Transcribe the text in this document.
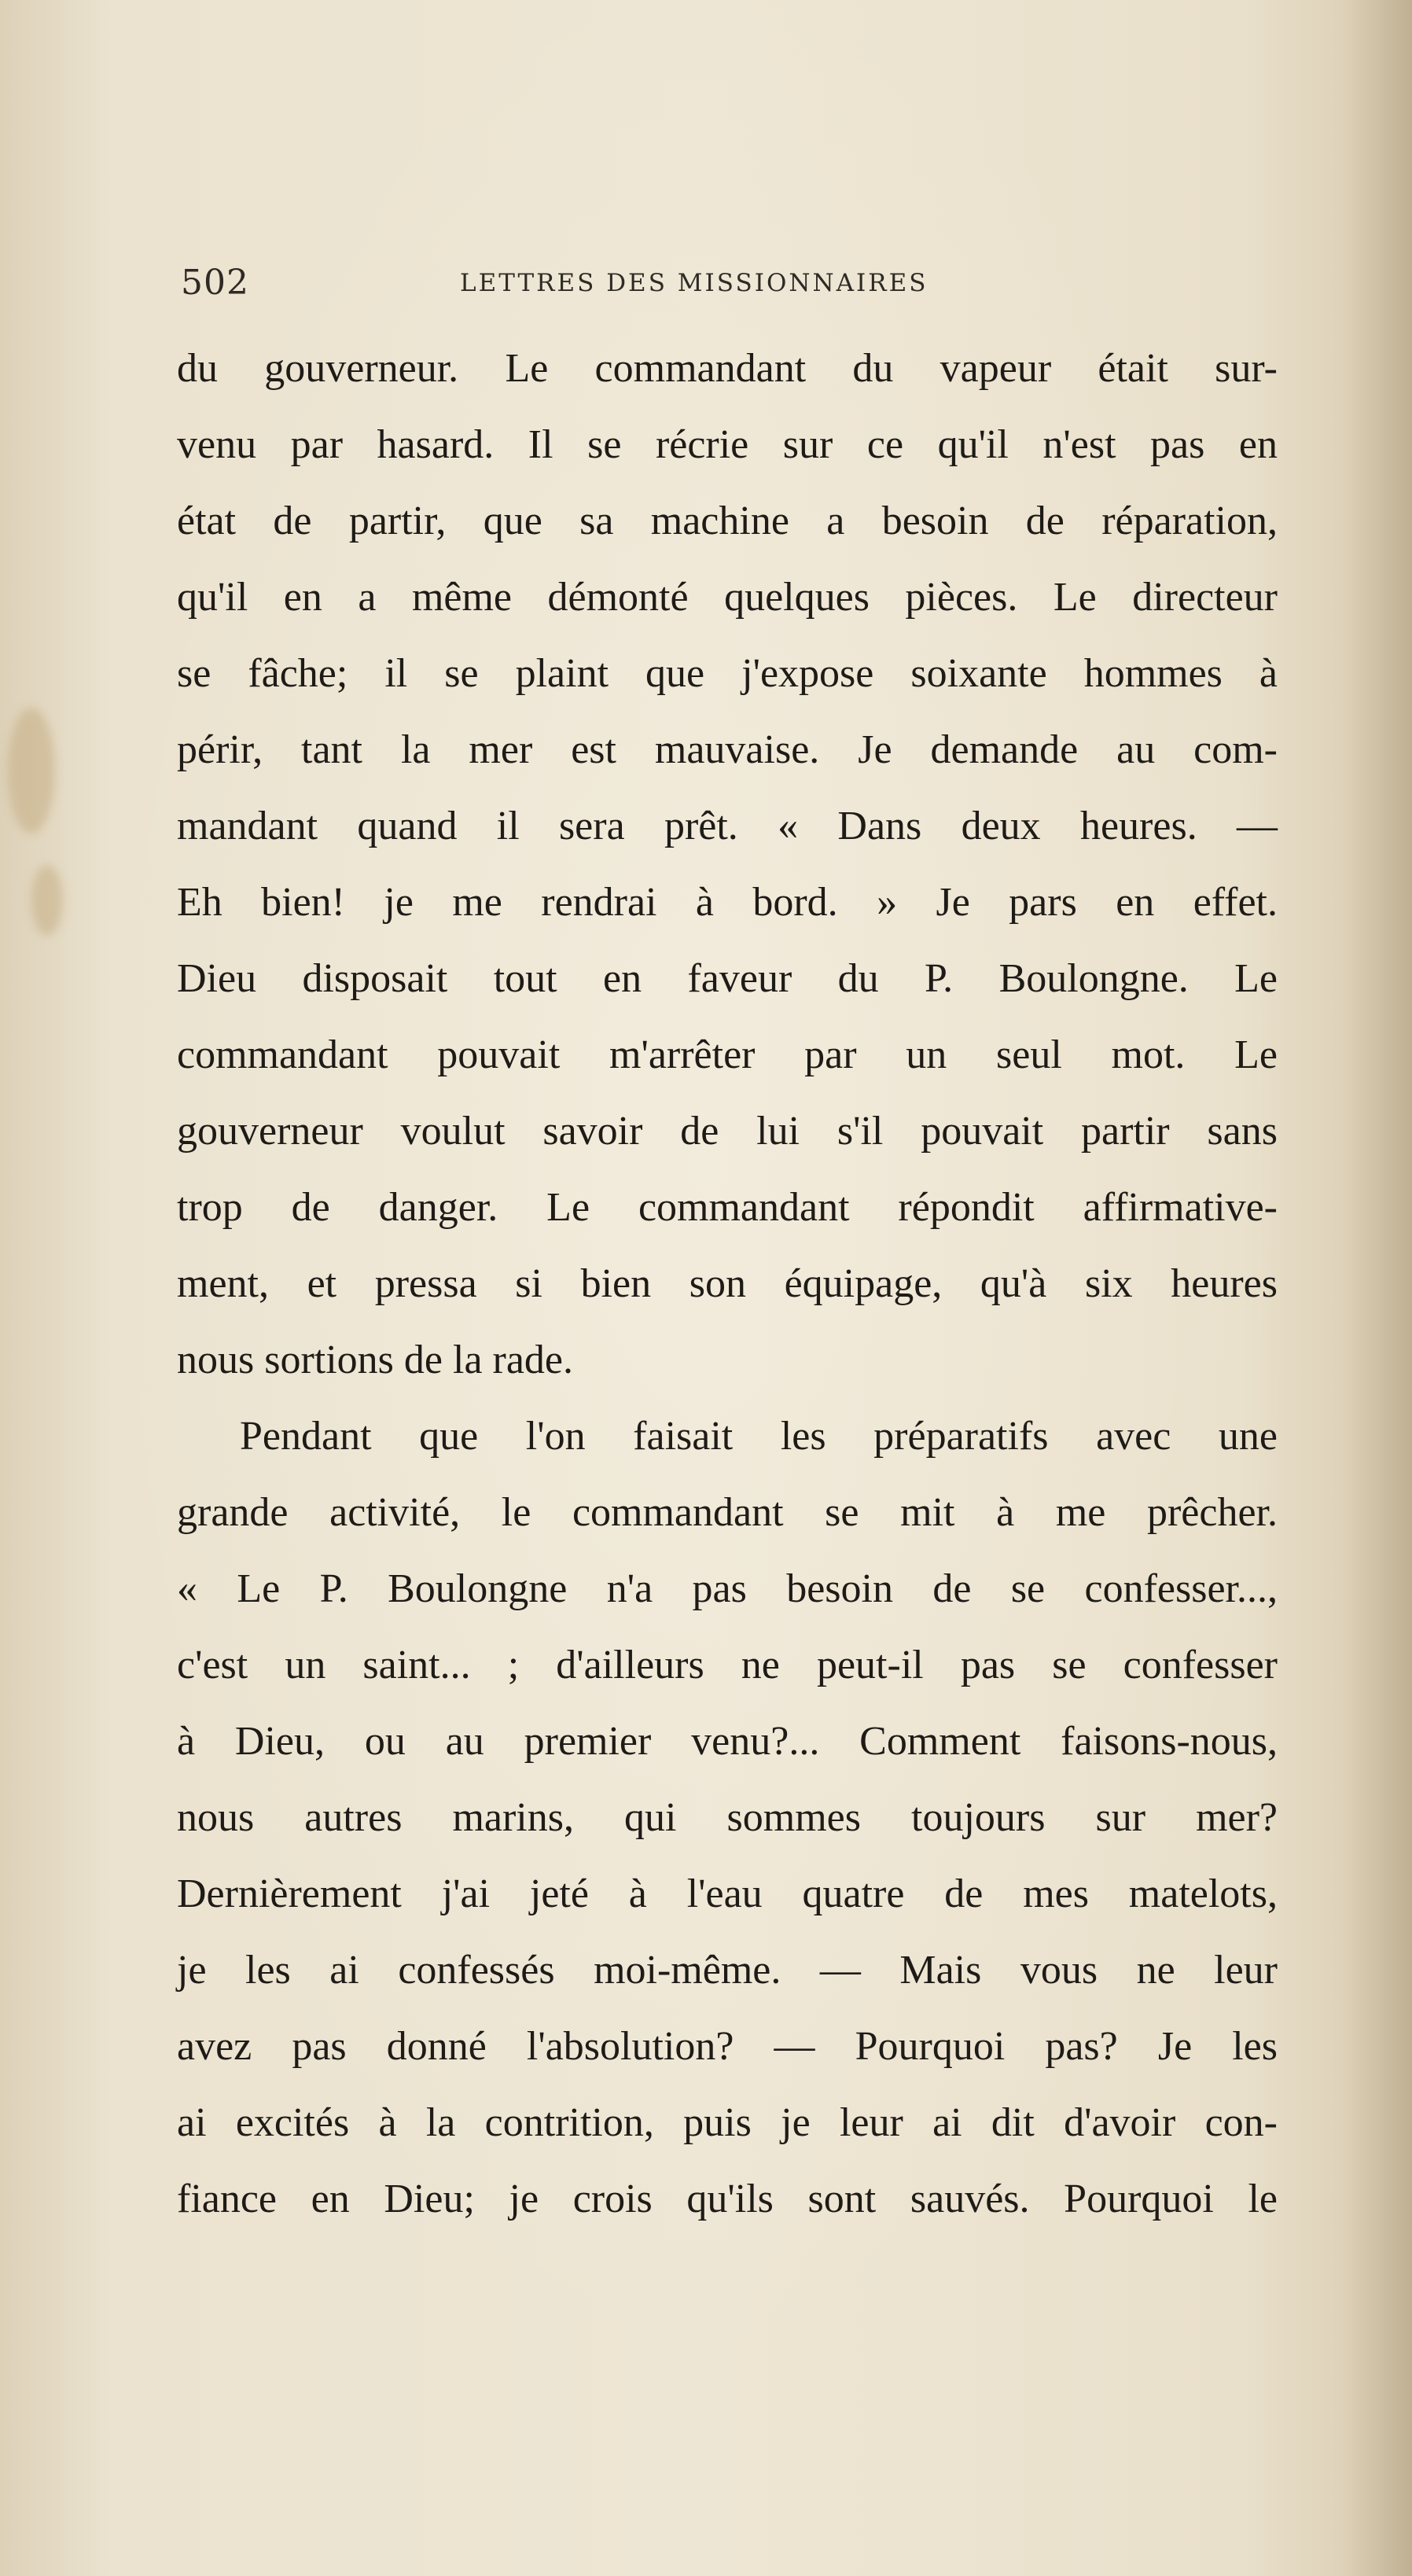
502	LETTRES DES MISSIONNAIRES
du gouverneur. Le commandant du vapeur était sur-
venu par hasard. Il se récrie sur ce qu'il n'est pas en
état de partir, que sa machine a besoin de réparation,
qu'il en a même démonté quelques pièces. Le directeur
se fâche; il se plaint que j'expose soixante hommes à
périr, tant la mer est mauvaise. Je demande au com-
mandant quand il sera prêt. « Dans deux heures. —
Eh bien! je me rendrai à bord. » Je pars en effet.
Dieu disposait tout en faveur du P. Boulongne. Le
commandant pouvait m'arrêter par un seul mot. Le
gouverneur voulut savoir de lui s'il pouvait partir sans
trop de danger. Le commandant répondit affirmative-
ment, et pressa si bien son équipage, qu'à six heures
nous sortions de la rade.
Pendant que l'on faisait les préparatifs avec une
grande activité, le commandant se mit à me prêcher.
« Le P. Boulongne n'a pas besoin de se confesser...,
c'est un saint... ; d'ailleurs ne peut-il pas se confesser
à Dieu, ou au premier venu?... Comment faisons-nous,
nous autres marins, qui sommes toujours sur mer?
Dernièrement j'ai jeté à l'eau quatre de mes matelots,
je les ai confessés moi-même. — Mais vous ne leur
avez pas donné l'absolution? — Pourquoi pas? Je les
ai excités à la contrition, puis je leur ai dit d'avoir con-
fiance en Dieu; je crois qu'ils sont sauvés. Pourquoi le
